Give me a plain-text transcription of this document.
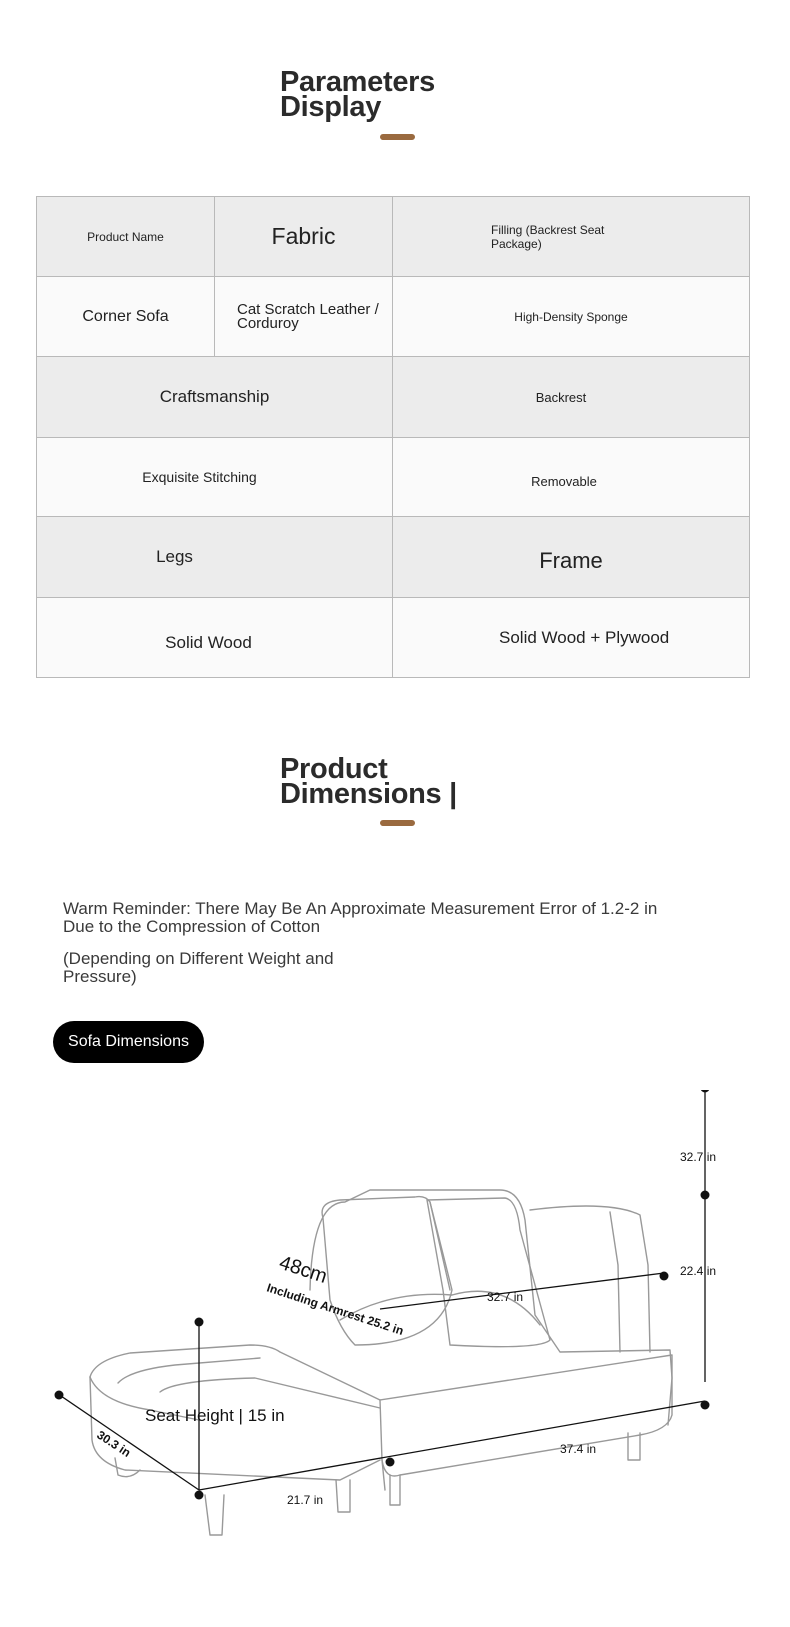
Parameters
Display
Product Name	Fabric	Filling (Backrest Seat Package)

Corner Sofa	Cat Scratch Leather / Corduroy	High-Density Sponge

Craftsmanship		Backrest

Exquisite Stitching		Removable

Legs		Frame

Solid Wood		Solid Wood + Plywood
Product
Dimensions |
Warm Reminder: There May Be An Approximate Measurement Error of 1.2-2 in Due to the Compression of Cotton
(Depending on Different Weight and Pressure)
Sofa Dimensions
32.7 in
22.4 in
32.7 in
30.3 in
21.7 in
37.4 in
Including Armrest 25.2 in
Seat Height | 15 in
48cm
